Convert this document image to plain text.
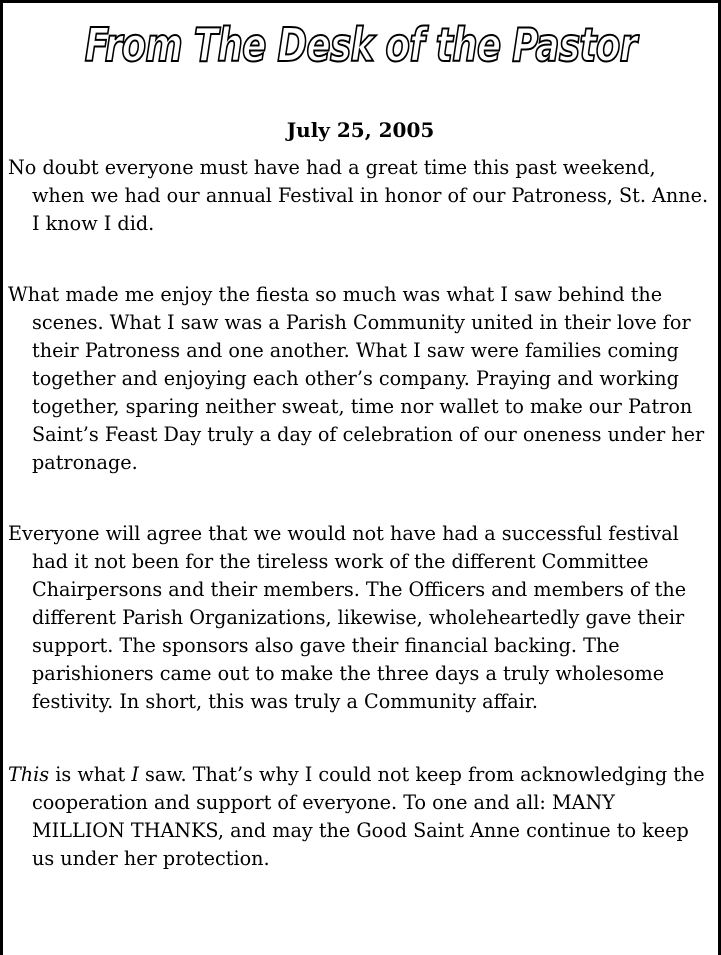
From The Desk of the Pastor
July 25, 2005

No doubt everyone must have had a great time this past weekend, when we had our annual Festival in honor of our Patroness, St. Anne. I know I did.

What made me enjoy the fiesta so much was what I saw behind the scenes. What I saw was a Parish Community united in their love for their Patroness and one another. What I saw were families coming together and enjoying each other’s company. Praying and working together, sparing neither sweat, time nor wallet to make our Patron Saint’s Feast Day truly a day of celebration of our oneness under her patronage.

Everyone will agree that we would not have had a successful festival had it not been for the tireless work of the different Committee Chairpersons and their members. The Officers and members of the different Parish Organizations, likewise, wholeheartedly gave their support. The sponsors also gave their financial backing. The parishioners came out to make the three days a truly wholesome festivity. In short, this was truly a Community affair.

This is what I saw. That’s why I could not keep from acknowledging the cooperation and support of everyone. To one and all: MANY MILLION THANKS, and may the Good Saint Anne continue to keep us under her protection.
